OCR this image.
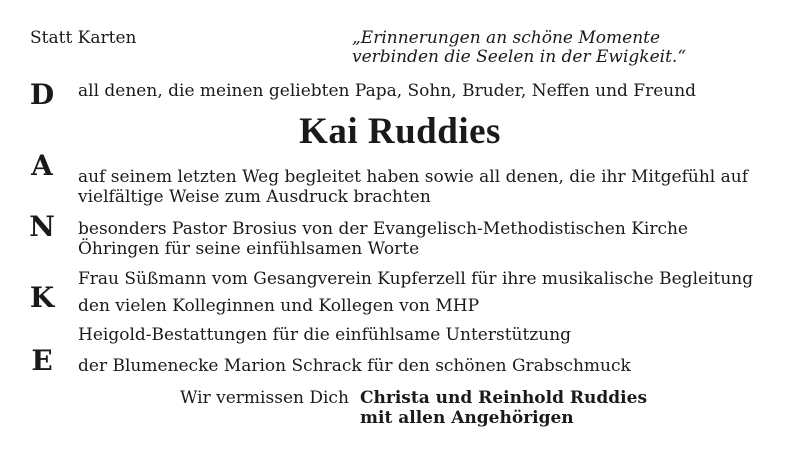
Statt Karten	„Erinnerungen an schöne Momente
verbinden die Seelen in der Ewigkeit.“
D
A
N
K
E
all denen, die meinen geliebten Papa, Sohn, Bruder, Neffen und Freund
Kai Ruddies
auf seinem letzten Weg begleitet haben sowie all denen, die ihr Mitgefühl auf
vielfältige Weise zum Ausdruck brachten
besonders Pastor Brosius von der Evangelisch-Methodistischen Kirche
Öhringen für seine einfühlsamen Worte
Frau Süßmann vom Gesangverein Kupferzell für ihre musikalische Begleitung
den vielen Kolleginnen und Kollegen von MHP
Heigold-Bestattungen für die einfühlsame Unterstützung
der Blumenecke Marion Schrack für den schönen Grabschmuck
Wir vermissen Dich Christa und Reinhold Ruddies
mit allen Angehörigen
